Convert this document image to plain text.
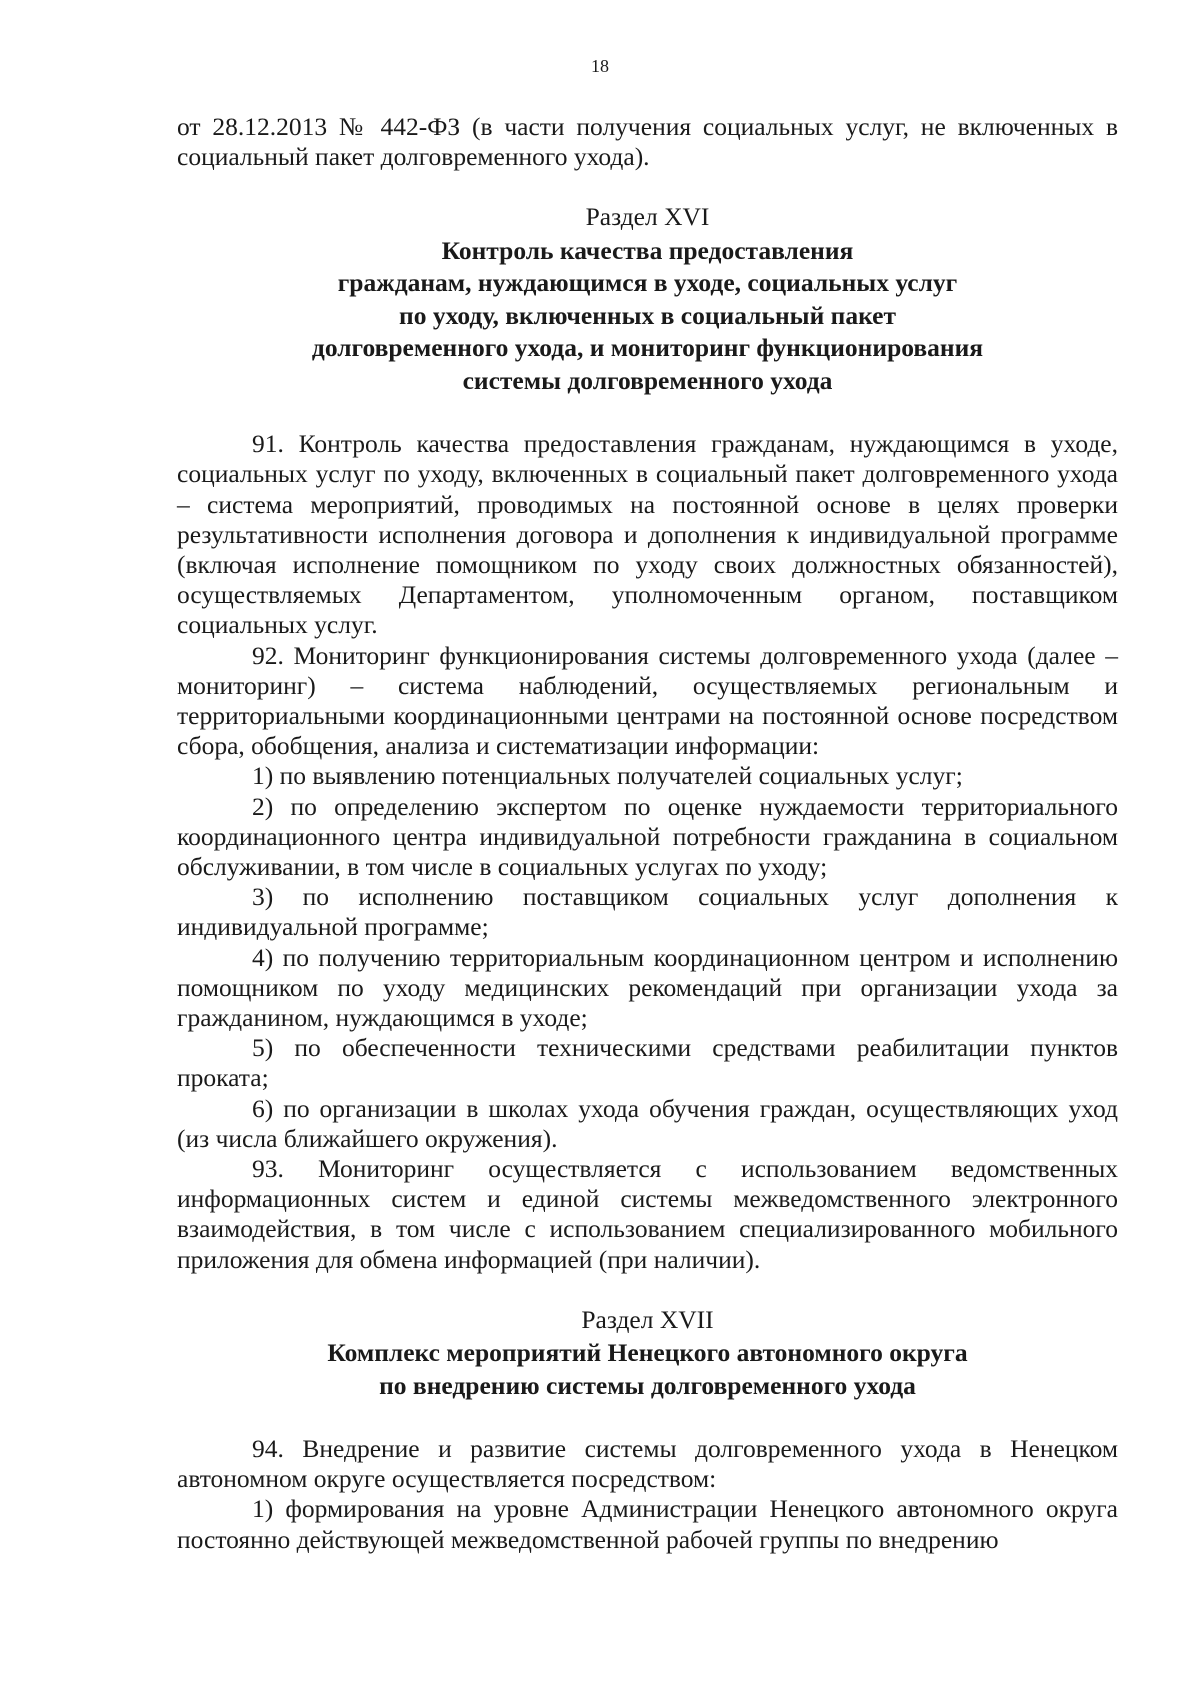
18

от 28.12.2013 № 442-ФЗ (в части получения социальных услуг, не включенных в социальный пакет долговременного ухода).

Раздел XVI
Контроль качества предоставления
гражданам, нуждающимся в уходе, социальных услуг
по уходу, включенных в социальный пакет
долговременного ухода, и мониторинг функционирования
системы долговременного ухода

91. Контроль качества предоставления гражданам, нуждающимся в уходе, социальных услуг по уходу, включенных в социальный пакет долговременного ухода – система мероприятий, проводимых на постоянной основе в целях проверки результативности исполнения договора и дополнения к индивидуальной программе (включая исполнение помощником по уходу своих должностных обязанностей), осуществляемых Департаментом, уполномоченным органом, поставщиком социальных услуг.

92. Мониторинг функционирования системы долговременного ухода (далее – мониторинг) – система наблюдений, осуществляемых региональным и территориальными координационными центрами на постоянной основе посредством сбора, обобщения, анализа и систематизации информации:

1) по выявлению потенциальных получателей социальных услуг;

2) по определению экспертом по оценке нуждаемости территориального координационного центра индивидуальной потребности гражданина в социальном обслуживании, в том числе в социальных услугах по уходу;

3) по исполнению поставщиком социальных услуг дополнения к индивидуальной программе;

4) по получению территориальным координационном центром и исполнению помощником по уходу медицинских рекомендаций при организации ухода за гражданином, нуждающимся в уходе;

5) по обеспеченности техническими средствами реабилитации пунктов проката;

6) по организации в школах ухода обучения граждан, осуществляющих уход (из числа ближайшего окружения).

93. Мониторинг осуществляется с использованием ведомственных информационных систем и единой системы межведомственного электронного взаимодействия, в том числе с использованием специализированного мобильного приложения для обмена информацией (при наличии).

Раздел XVII
Комплекс мероприятий Ненецкого автономного округа
по внедрению системы долговременного ухода

94. Внедрение и развитие системы долговременного ухода в Ненецком автономном округе осуществляется посредством:

1) формирования на уровне Администрации Ненецкого автономного округа постоянно действующей межведомственной рабочей группы по внедрению
